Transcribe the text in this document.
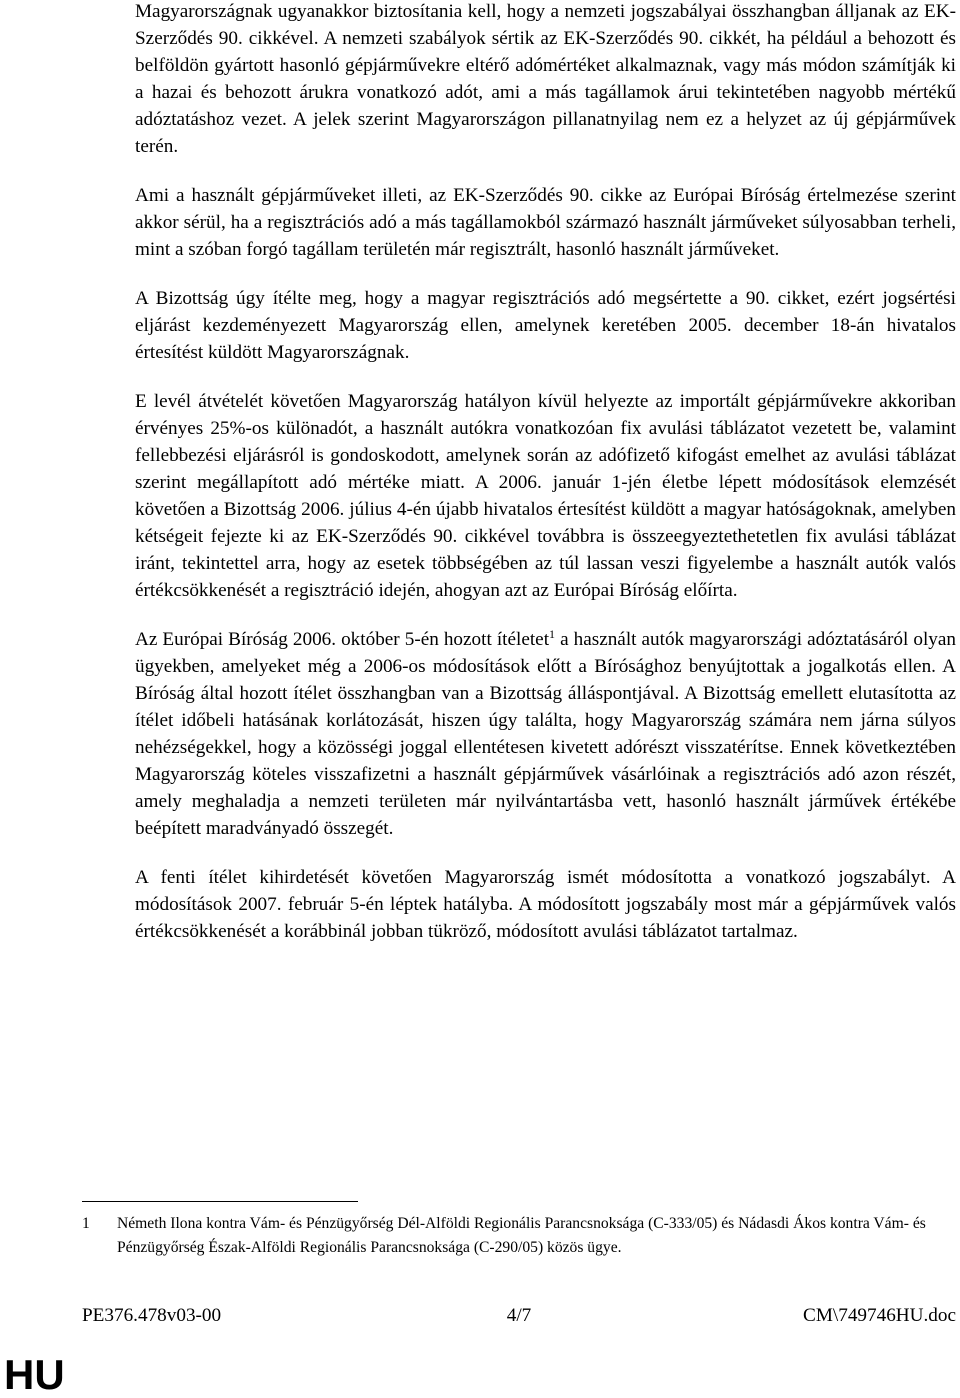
Magyarországnak ugyanakkor biztosítania kell, hogy a nemzeti jogszabályai összhangban álljanak az EK-Szerződés 90. cikkével. A nemzeti szabályok sértik az EK-Szerződés 90. cikkét, ha például a behozott és belföldön gyártott hasonló gépjárművekre eltérő adómértéket alkalmaznak, vagy más módon számítják ki a hazai és behozott árukra vonatkozó adót, ami a más tagállamok árui tekintetében nagyobb mértékű adóztatáshoz vezet. A jelek szerint Magyarországon pillanatnyilag nem ez a helyzet az új gépjárművek terén.

Ami a használt gépjárműveket illeti, az EK-Szerződés 90. cikke az Európai Bíróság értelmezése szerint akkor sérül, ha a regisztrációs adó a más tagállamokból származó használt járműveket súlyosabban terheli, mint a szóban forgó tagállam területén már regisztrált, hasonló használt járműveket.

A Bizottság úgy ítélte meg, hogy a magyar regisztrációs adó megsértette a 90. cikket, ezért jogsértési eljárást kezdeményezett Magyarország ellen, amelynek keretében 2005. december 18-án hivatalos értesítést küldött Magyarországnak.

E levél átvételét követően Magyarország hatályon kívül helyezte az importált gépjárművekre akkoriban érvényes 25%-os különadót, a használt autókra vonatkozóan fix avulási táblázatot vezetett be, valamint fellebbezési eljárásról is gondoskodott, amelynek során az adófizető kifogást emelhet az avulási táblázat szerint megállapított adó mértéke miatt. A 2006. január 1-jén életbe lépett módosítások elemzését követően a Bizottság 2006. július 4-én újabb hivatalos értesítést küldött a magyar hatóságoknak, amelyben kétségeit fejezte ki az EK-Szerződés 90. cikkével továbbra is összeegyeztethetetlen fix avulási táblázat iránt, tekintettel arra, hogy az esetek többségében az túl lassan veszi figyelembe a használt autók valós értékcsökkenését a regisztráció idején, ahogyan azt az Európai Bíróság előírta.

Az Európai Bíróság 2006. október 5-én hozott ítéletet$^1$ a használt autók magyarországi adóztatásáról olyan ügyekben, amelyeket még a 2006-os módosítások előtt a Bírósághoz benyújtottak a jogalkotás ellen. A Bíróság által hozott ítélet összhangban van a Bizottság álláspontjával. A Bizottság emellett elutasította az ítélet időbeli hatásának korlátozását, hiszen úgy találta, hogy Magyarország számára nem járna súlyos nehézségekkel, hogy a közösségi joggal ellentétesen kivetett adórészt visszatérítse. Ennek következtében Magyarország köteles visszafizetni a használt gépjárművek vásárlóinak a regisztrációs adó azon részét, amely meghaladja a nemzeti területen már nyilvántartásba vett, hasonló használt járművek értékébe beépített maradványadó összegét.

A fenti ítélet kihirdetését követően Magyarország ismét módosította a vonatkozó jogszabályt. A módosítások 2007. február 5-én léptek hatályba. A módosított jogszabály most már a gépjárművek valós értékcsökkenését a korábbinál jobban tükröző, módosított avulási táblázatot tartalmaz.

1 Németh Ilona kontra Vám- és Pénzügyőrség Dél-Alföldi Regionális Parancsnoksága (C-333/05) és Nádasdi Ákos kontra Vám- és Pénzügyőrség Észak-Alföldi Regionális Parancsnoksága (C-290/05) közös ügye.
4/7
PE376.478v03-00	CM\749746HU.doc
HU
